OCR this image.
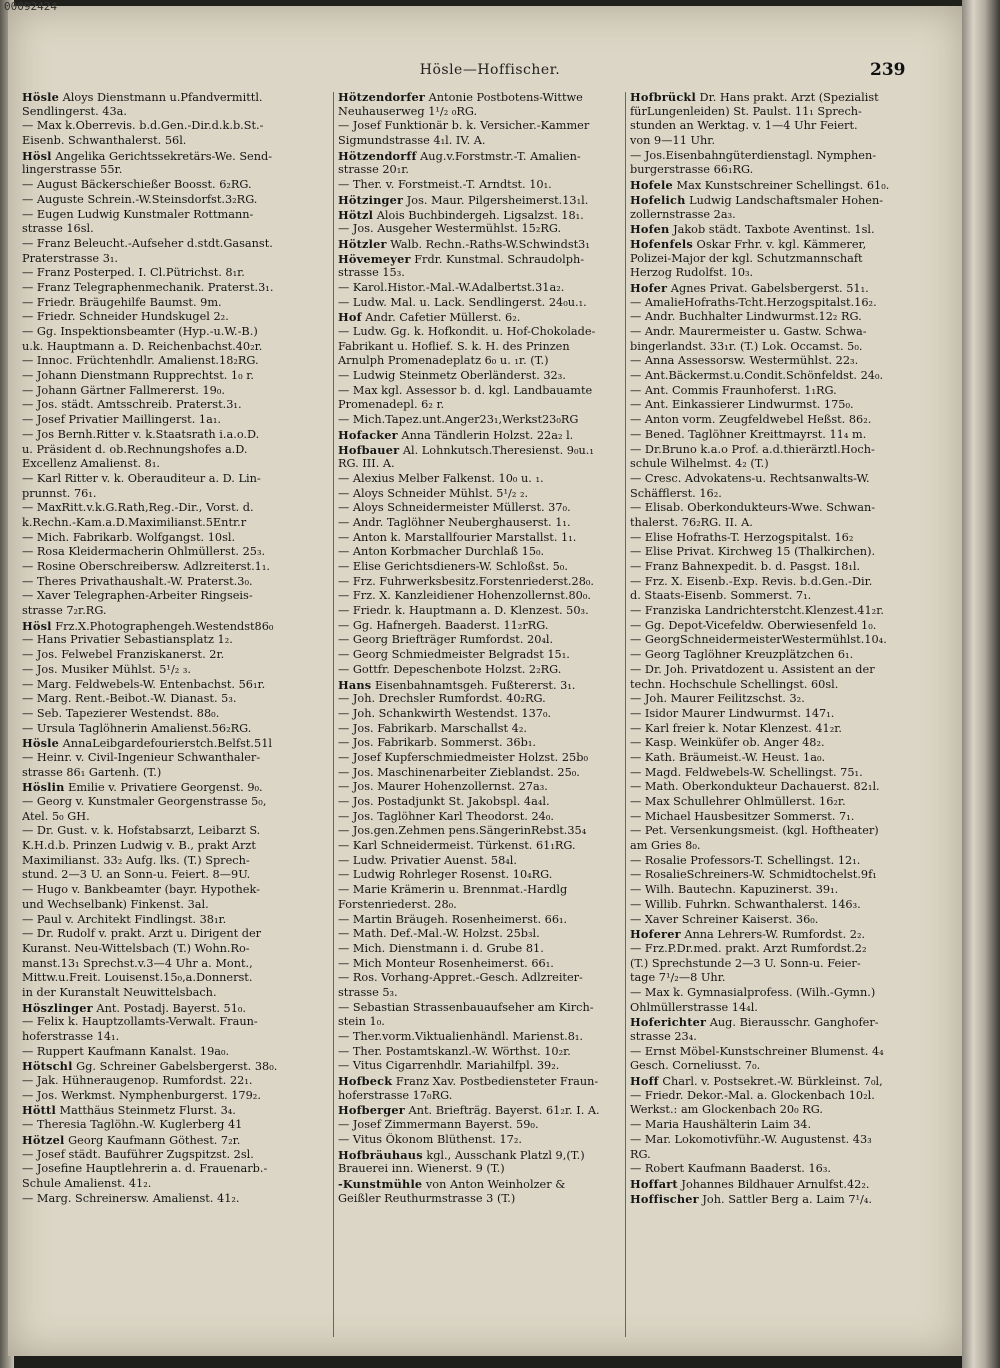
00092424
Hösle—Hoffischer.	239
Hösle Aloys Dienstmann u.Pfandvermittl.
Sendlingerst. 43a.
— Max k.Oberrevis. b.d.Gen.-Dir.d.k.b.St.-
Eisenb. Schwanthalerst. 56l.
Hösl Angelika Gerichtssekretärs-We. Send-
lingerstrasse 55r.
— August Bäckerschießer Boosst. 6₂RG.
— Auguste Schrein.-W.Steinsdorfst.3₂RG.
— Eugen Ludwig Kunstmaler Rottmann-
strasse 16sl.
— Franz Beleucht.-Aufseher d.stdt.Gasanst.
Praterstrasse 3₁.
— Franz Posterped. I. Cl.Pütrichst. 8₁r.
— Franz Telegraphenmechanik. Praterst.3₁.
— Friedr. Bräugehilfe Baumst. 9m.
— Friedr. Schneider Hundskugel 2₂.
— Gg. Inspektionsbeamter (Hyp.-u.W.-B.)
u.k. Hauptmann a. D. Reichenbachst.40₂r.
— Innoc. Früchtenhdlr. Amalienst.18₂RG.
— Johann Dienstmann Rupprechtst. 1₀ r.
— Johann Gärtner Fallmererst. 19₀.
— Jos. städt. Amtsschreib. Praterst.3₁.
— Josef Privatier Maillingerst. 1a₁.
— Jos Bernh.Ritter v. k.Staatsrath i.a.o.D.
u. Präsident d. ob.Rechnungshofes a.D.
Excellenz Amalienst. 8₁.
— Karl Ritter v. k. Oberauditeur a. D. Lin-
prunnst. 76₁.
— MaxRitt.v.k.G.Rath,Reg.-Dir., Vorst. d.
k.Rechn.-Kam.a.D.Maximilianst.5Entr.r
— Mich. Fabrikarb. Wolfgangst. 10sl.
— Rosa Kleidermacherin Ohlmüllerst. 25₃.
— Rosine Oberschreibersw. Adlzreiterst.1₁.
— Theres Privathaushalt.-W. Praterst.3₀.
— Xaver Telegraphen-Arbeiter Ringseis-
strasse 7₂r.RG.
Hösl Frz.X.Photographengeh.Westendst86₀
— Hans Privatier Sebastiansplatz 1₂.
— Jos. Felwebel Franziskanerst. 2r.
— Jos. Musiker Mühlst. 5¹/₂ ₃.
— Marg. Feldwebels-W. Entenbachst. 56₁r.
— Marg. Rent.-Beibot.-W. Dianast. 5₃.
— Seb. Tapezierer Westendst. 88₀.
— Ursula Taglöhnerin Amalienst.56₂RG.
Hösle AnnaLeibgardefourierstch.Belfst.51l
— Heinr. v. Civil-Ingenieur Schwanthaler-
strasse 86₁ Gartenh. (T.)
Höslin Emilie v. Privatiere Georgenst. 9₀.
— Georg v. Kunstmaler Georgenstrasse 5₀,
Atel. 5₀ GH.
— Dr. Gust. v. k. Hofstabsarzt, Leibarzt S.
K.H.d.b. Prinzen Ludwig v. B., prakt Arzt
Maximilianst. 33₂ Aufg. lks. (T.) Sprech-
stund. 2—3 U. an Sonn-u. Feiert. 8—9U.
— Hugo v. Bankbeamter (bayr. Hypothek-
und Wechselbank) Finkenst. 3al.
— Paul v. Architekt Findlingst. 38₁r.
— Dr. Rudolf v. prakt. Arzt u. Dirigent der
Kuranst. Neu-Wittelsbach (T.) Wohn.Ro-
manst.13₁ Sprechst.v.3—4 Uhr a. Mont.,
Mittw.u.Freit. Louisenst.15₀,a.Donnerst.
in der Kuranstalt Neuwittelsbach.
Höszlinger Ant. Postadj. Bayerst. 51₀.
— Felix k. Hauptzollamts-Verwalt. Fraun-
hoferstrasse 14₁.
— Ruppert Kaufmann Kanalst. 19a₀.
Hötschl Gg. Schreiner Gabelsbergerst. 38₀.
— Jak. Hühneraugenop. Rumfordst. 22₁.
— Jos. Werkmst. Nymphenburgerst. 179₂.
Höttl Matthäus Steinmetz Flurst. 3₄.
— Theresia Taglöhn.-W. Kuglerberg 41
Hötzel Georg Kaufmann Göthest. 7₂r.
— Josef städt. Bauführer Zugspitzst. 2sl.
— Josefine Hauptlehrerin a. d. Frauenarb.-
Schule Amalienst. 41₂.
— Marg. Schreinersw. Amalienst. 41₂.
Hötzendorfer Antonie Postbotens-Wittwe
Neuhauserweg 1¹/₂ ₀RG.
— Josef Funktionär b. k. Versicher.-Kammer
Sigmundstrasse 4₁l. IV. A.
Hötzendorff Aug.v.Forstmstr.-T. Amalien-
strasse 20₁r.
— Ther. v. Forstmeist.-T. Arndtst. 10₁.
Hötzinger Jos. Maur. Pilgersheimerst.13₁l.
Hötzl Alois Buchbindergeh. Ligsalzst. 18₁.
— Jos. Ausgeher Westermühlst. 15₂RG.
Hötzler Walb. Rechn.-Raths-W.Schwindst3₁
Hövemeyer Frdr. Kunstmal. Schraudolph-
strasse 15₃.
— Karol.Histor.-Mal.-W.Adalbertst.31a₂.
— Ludw. Mal. u. Lack. Sendlingerst. 24₀u.₁.
Hof Andr. Cafetier Müllerst. 6₂.
— Ludw. Gg. k. Hofkondit. u. Hof-Chokolade-
Fabrikant u. Hoflief. S. k. H. des Prinzen
Arnulph Promenadeplatz 6₀ u. ₁r. (T.)
— Ludwig Steinmetz Oberländerst. 32₃.
— Max kgl. Assessor b. d. kgl. Landbauamte
Promenadepl. 6₂ r.
— Mich.Tapez.unt.Anger23₁,Werkst23₀RG
Hofacker Anna Tändlerin Holzst. 22a₂ l.
Hofbauer Al. Lohnkutsch.Theresienst. 9₀u.₁
RG. III. A.
— Alexius Melber Falkenst. 10₀ u. ₁.
— Aloys Schneider Mühlst. 5¹/₂ ₂.
— Aloys Schneidermeister Müllerst. 37₀.
— Andr. Taglöhner Neuberghauserst. 1₁.
— Anton k. Marstallfourier Marstallst. 1₁.
— Anton Korbmacher Durchlaß 15₀.
— Elise Gerichtsdieners-W. Schloßst. 5₀.
— Frz. Fuhrwerksbesitz.Forstenriederst.28₀.
— Frz. X. Kanzleidiener Hohenzollernst.80₀.
— Friedr. k. Hauptmann a. D. Klenzest. 50₃.
— Gg. Hafnergeh. Baaderst. 11₂rRG.
— Georg Briefträger Rumfordst. 20₄l.
— Georg Schmiedmeister Belgradst 15₁.
— Gottfr. Depeschenbote Holzst. 2₂RG.
Hans Eisenbahnamtsgeh. Fußtererst. 3₁.
— Joh. Drechsler Rumfordst. 40₂RG.
— Joh. Schankwirth Westendst. 137₀.
— Jos. Fabrikarb. Marschallst 4₂.
— Jos. Fabrikarb. Sommerst. 36b₁.
— Josef Kupferschmiedmeister Holzst. 25b₀
— Jos. Maschinenarbeiter Zieblandst. 25₀.
— Jos. Maurer Hohenzollernst. 27a₃.
— Jos. Postadjunkt St. Jakobspl. 4a₄l.
— Jos. Taglöhner Karl Theodorst. 24₀.
— Jos.gen.Zehmen pens.SängerinRebst.35₄
— Karl Schneidermeist. Türkenst. 61₁RG.
— Ludw. Privatier Auenst. 58₄l.
— Ludwig Rohrleger Rosenst. 10₄RG.
— Marie Krämerin u. Brennmat.-Hardlg
Forstenriederst. 28₀.
— Martin Bräugeh. Rosenheimerst. 66₁.
— Math. Def.-Mal.-W. Holzst. 25b₃l.
— Mich. Dienstmann i. d. Grube 81.
— Mich Monteur Rosenheimerst. 66₁.
— Ros. Vorhang-Appret.-Gesch. Adlzreiter-
strasse 5₃.
— Sebastian Strassenbauaufseher am Kirch-
stein 1₀.
— Ther.vorm.Viktualienhändl. Marienst.8₁.
— Ther. Postamtskanzl.-W. Wörthst. 10₂r.
— Vitus Cigarrenhdlr. Mariahilfpl. 39₂.
Hofbeck Franz Xav. Postbediensteter Fraun-
hoferstrasse 17₀RG.
Hofberger Ant. Briefträg. Bayerst. 61₂r. I. A.
— Josef Zimmermann Bayerst. 59₀.
— Vitus Ökonom Blüthenst. 17₂.
Hofbräuhaus kgl., Ausschank Platzl 9,(T.)
Brauerei inn. Wienerst. 9 (T.)
-Kunstmühle von Anton Weinholzer &
Geißler Reuthurmstrasse 3 (T.)
Hofbrückl Dr. Hans prakt. Arzt (Spezialist
fürLungenleiden) St. Paulst. 11₁ Sprech-
stunden an Werktag. v. 1—4 Uhr Feiert.
von 9—11 Uhr.
— Jos.Eisenbahngüterdienstagl. Nymphen-
burgerstrasse 66₁RG.
Hofele Max Kunstschreiner Schellingst. 61₀.
Hofelich Ludwig Landschaftsmaler Hohen-
zollernstrasse 2a₃.
Hofen Jakob städt. Taxbote Aventinst. 1sl.
Hofenfels Oskar Frhr. v. kgl. Kämmerer,
Polizei-Major der kgl. Schutzmannschaft
Herzog Rudolfst. 10₃.
Hofer Agnes Privat. Gabelsbergerst. 51₁.
— AmalieHofraths-Tcht.Herzogspitalst.16₂.
— Andr. Buchhalter Lindwurmst.12₂ RG.
— Andr. Maurermeister u. Gastw. Schwa-
bingerlandst. 33₁r. (T.) Lok. Occamst. 5₀.
— Anna Assessorsw. Westermühlst. 22₃.
— Ant.Bäckermst.u.Condit.Schönfeldst. 24₀.
— Ant. Commis Fraunhoferst. 1₁RG.
— Ant. Einkassierer Lindwurmst. 175₀.
— Anton vorm. Zeugfeldwebel Heßst. 86₂.
— Bened. Taglöhner Kreittmayrst. 11₄ m.
— Dr.Bruno k.a.o Prof. a.d.thierärztl.Hoch-
schule Wilhelmst. 4₂ (T.)
— Cresc. Advokatens-u. Rechtsanwalts-W.
Schäfflerst. 16₂.
— Elisab. Oberkondukteurs-Wwe. Schwan-
thalerst. 76₂RG. II. A.
— Elise Hofraths-T. Herzogspitalst. 16₂
— Elise Privat. Kirchweg 15 (Thalkirchen).
— Franz Bahnexpedit. b. d. Pasgst. 18₁l.
— Frz. X. Eisenb.-Exp. Revis. b.d.Gen.-Dir.
d. Staats-Eisenb. Sommerst. 7₁.
— Franziska Landrichterstcht.Klenzest.41₂r.
— Gg. Depot-Vicefeldw. Oberwiesenfeld 1₀.
— GeorgSchneidermeisterWestermühlst.10₄.
— Georg Taglöhner Kreuzplätzchen 6₁.
— Dr. Joh. Privatdozent u. Assistent an der
techn. Hochschule Schellingst. 60sl.
— Joh. Maurer Feilitzschst. 3₂.
— Isidor Maurer Lindwurmst. 147₁.
— Karl freier k. Notar Klenzest. 41₂r.
— Kasp. Weinküfer ob. Anger 48₂.
— Kath. Bräumeist.-W. Heust. 1a₀.
— Magd. Feldwebels-W. Schellingst. 75₁.
— Math. Oberkondukteur Dachauerst. 82₁l.
— Max Schullehrer Ohlmüllerst. 16₂r.
— Michael Hausbesitzer Sommerst. 7₁.
— Pet. Versenkungsmeist. (kgl. Hoftheater)
am Gries 8₀.
— Rosalie Professors-T. Schellingst. 12₁.
— RosalieSchreiners-W. Schmidtochelst.9f₁
— Wilh. Bautechn. Kapuzinerst. 39₁.
— Willib. Fuhrkn. Schwanthalerst. 146₃.
— Xaver Schreiner Kaiserst. 36₀.
Hoferer Anna Lehrers-W. Rumfordst. 2₂.
— Frz.P.Dr.med. prakt. Arzt Rumfordst.2₂
(T.) Sprechstunde 2—3 U. Sonn-u. Feier-
tage 7¹/₂—8 Uhr.
— Max k. Gymnasialprofess. (Wilh.-Gymn.)
Ohlmüllerstrasse 14₄l.
Hoferichter Aug. Bierausschr. Ganghofer-
strasse 23₄.
— Ernst Möbel-Kunstschreiner Blumenst. 4₄
Gesch. Corneliusst. 7₀.
Hoff Charl. v. Postsekret.-W. Bürkleinst. 7₀l,
— Friedr. Dekor.-Mal. a. Glockenbach 10₂l.
Werkst.: am Glockenbach 20₀ RG.
— Maria Haushälterin Laim 34.
— Mar. Lokomotivführ.-W. Augustenst. 43₃
RG.
— Robert Kaufmann Baaderst. 16₃.
Hoffart Johannes Bildhauer Arnulfst.42₂.
Hoffischer Joh. Sattler Berg a. Laim 7¹/₄.
